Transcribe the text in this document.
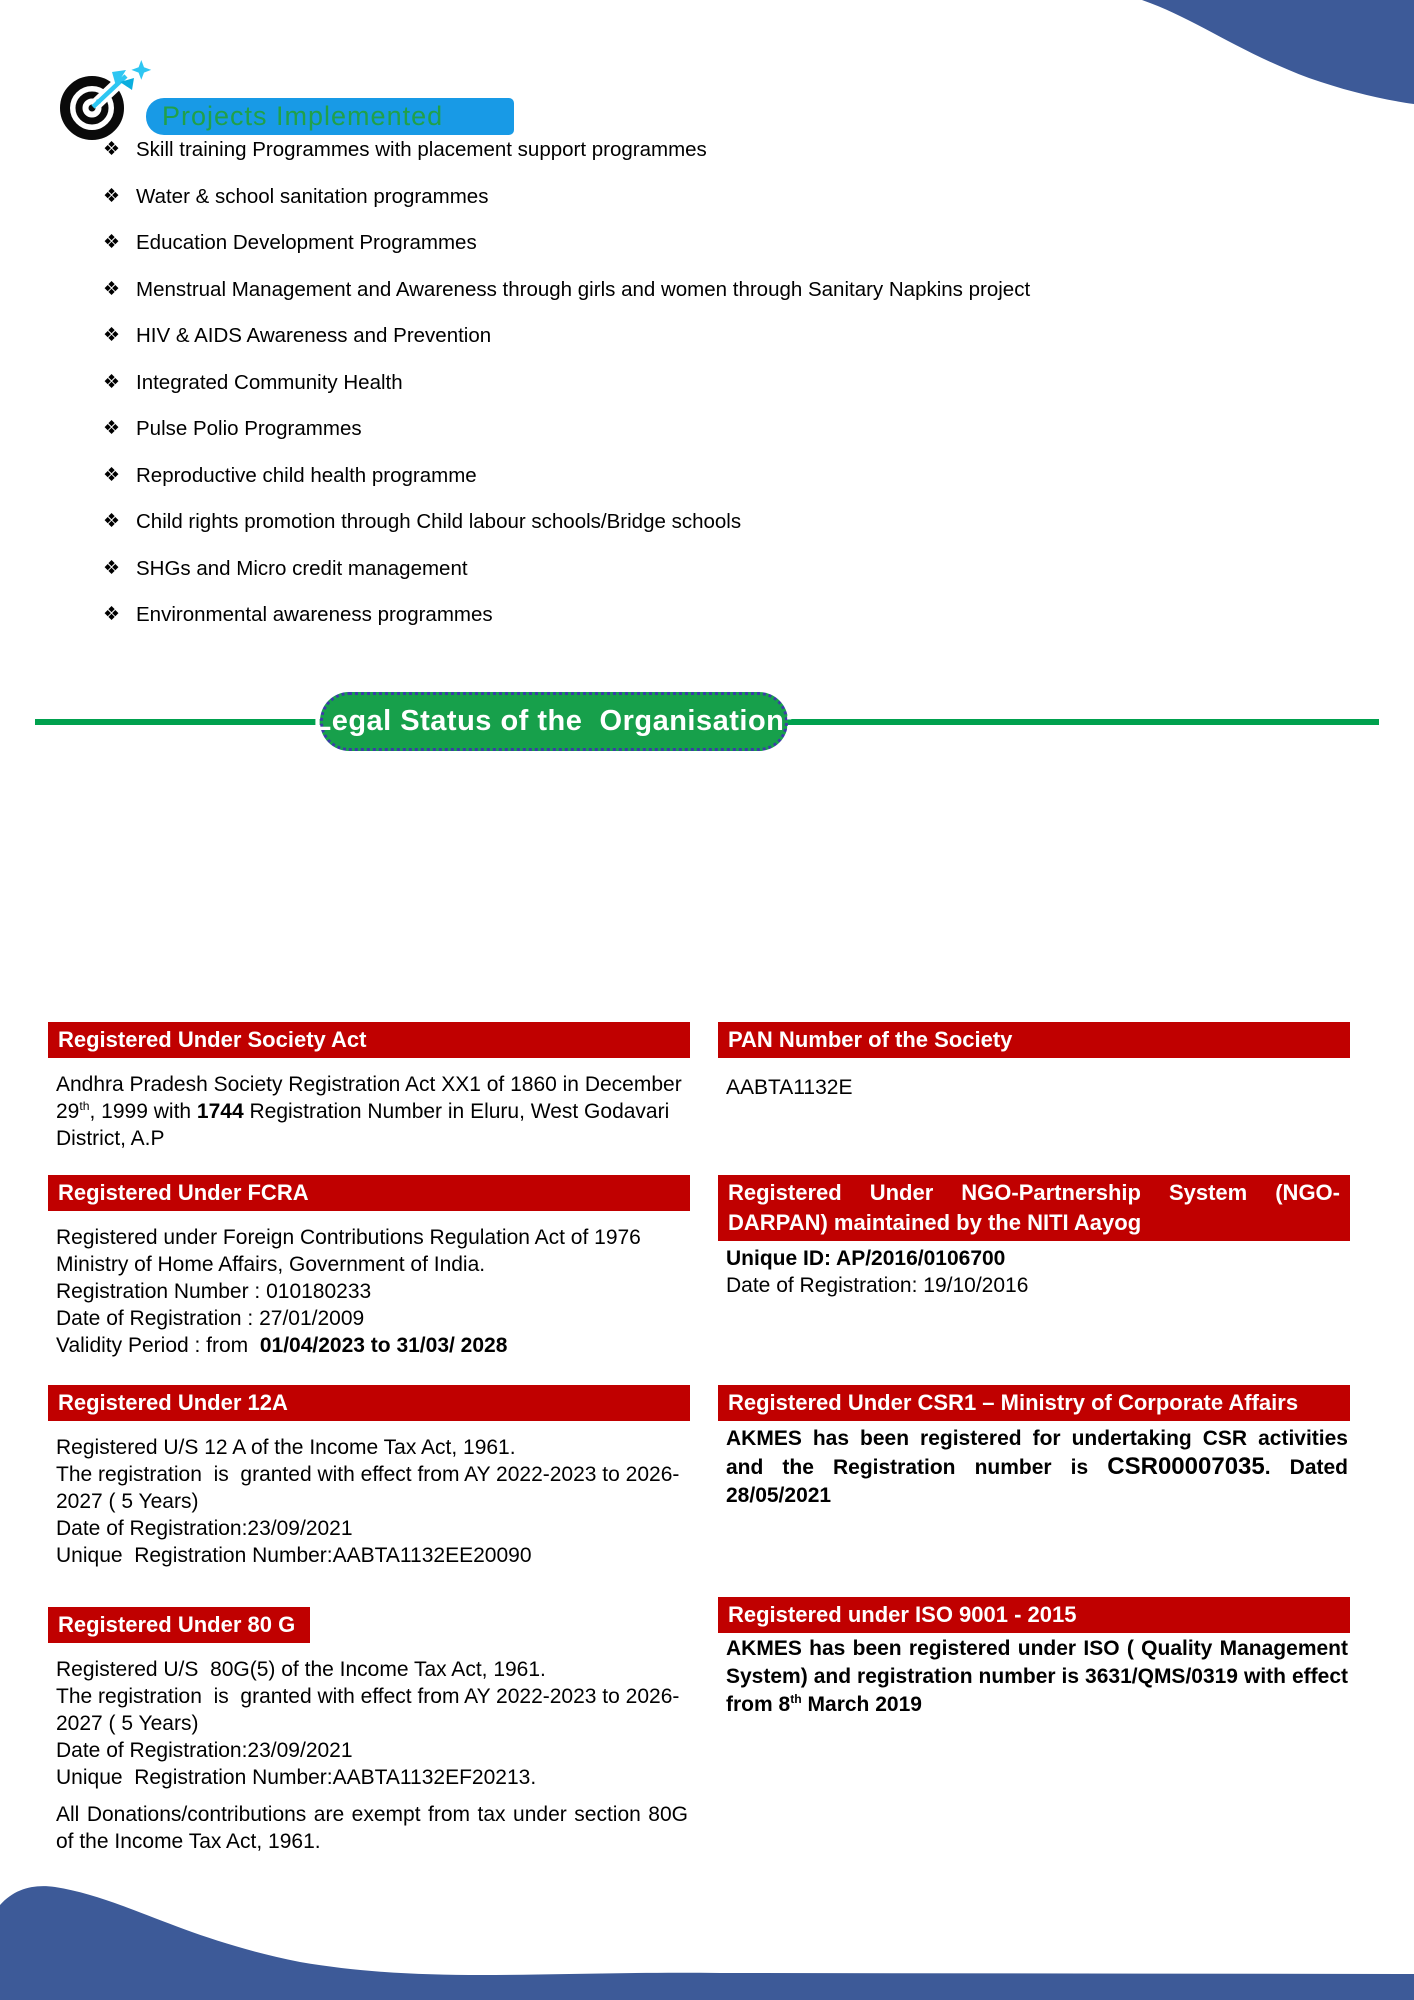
Projects Implemented
❖ Skill training Programmes with placement support programmes
❖ Water & school sanitation programmes
❖ Education Development Programmes
❖ Menstrual Management and Awareness through girls and women through Sanitary Napkins project
❖ HIV & AIDS Awareness and Prevention
❖ Integrated Community Health
❖ Pulse Polio Programmes
❖ Reproductive child health programme
❖ Child rights promotion through Child labour schools/Bridge schools
❖ SHGs and Micro credit management
❖ Environmental awareness programmes
Legal Status of the  Organisation:
Registered Under Society Act
Andhra Pradesh Society Registration Act XX1 of 1860 in December 29th, 1999 with 1744 Registration Number in Eluru, West Godavari District, A.P
Registered Under FCRA
Registered under Foreign Contributions Regulation Act of 1976 Ministry of Home Affairs, Government of India.
Registration Number : 010180233
Date of Registration : 27/01/2009
Validity Period : from  01/04/2023 to 31/03/ 2028
Registered Under 12A
Registered U/S 12 A of the Income Tax Act, 1961.
The registration  is  granted with effect from AY 2022-2023 to 2026-2027 ( 5 Years)
Date of Registration:23/09/2021
Unique  Registration Number:AABTA1132EE20090
Registered Under 80 G
Registered U/S  80G(5) of the Income Tax Act, 1961.
The registration  is  granted with effect from AY 2022-2023 to 2026-2027 ( 5 Years)
Date of Registration:23/09/2021
Unique  Registration Number:AABTA1132EF20213.
All Donations/contributions are exempt from tax under section 80G of the Income Tax Act, 1961.
PAN Number of the Society
AABTA1132E
Registered Under NGO-Partnership System (NGO-DARPAN) maintained by the NITI Aayog
Unique ID: AP/2016/0106700
Date of Registration: 19/10/2016
Registered Under CSR1 – Ministry of Corporate Affairs
AKMES has been registered for undertaking CSR activities and the Registration number is CSR00007035. Dated 28/05/2021
Registered under ISO 9001 - 2015
AKMES has been registered under ISO ( Quality Management System) and registration number is 3631/QMS/0319 with effect from 8th March 2019
